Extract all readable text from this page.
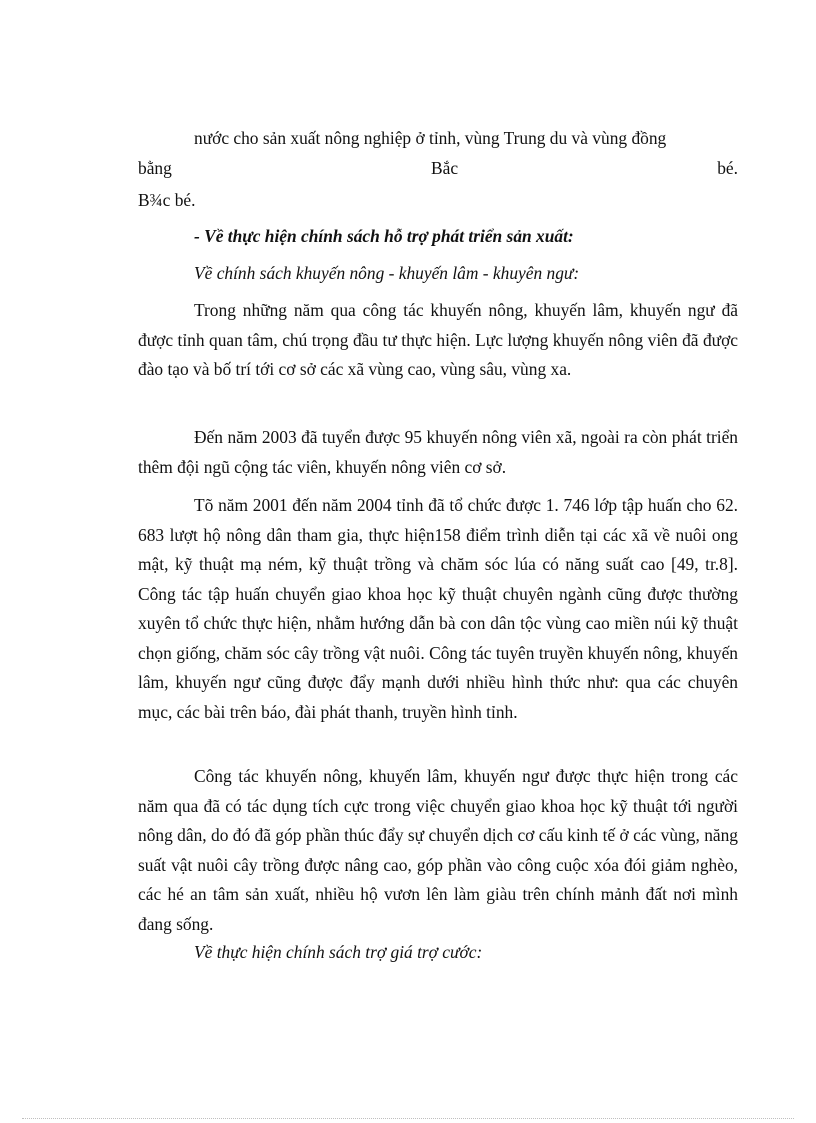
nước cho sản xuất nông nghiệp ở tỉnh, vùng Trung du và vùng đồng

bằng	Bắc	bé.

B¾c bé.

- Về thực hiện chính sách hỗ trợ phát triển sản xuất:

Về chính sách khuyến nông - khuyến lâm - khuyên ngư:

Trong những năm qua công tác khuyến nông, khuyến lâm, khuyến ngư đã được tỉnh quan tâm, chú trọng đầu tư thực hiện. Lực lượng khuyến nông viên đã được đào tạo và bố trí tới cơ sở các xã vùng cao, vùng sâu, vùng xa.

Đến năm 2003 đã tuyển được 95 khuyến nông viên xã, ngoài ra còn phát triển thêm đội ngũ cộng tác viên, khuyến nông viên cơ sở.

Tõ năm 2001 đến năm 2004 tỉnh đã tổ chức được 1. 746 lớp tập huấn cho 62. 683 lượt hộ nông dân tham gia, thực hiện158 điểm trình diễn tại các xã về nuôi ong mật, kỹ thuật mạ ném, kỹ thuật trồng và chăm sóc lúa có năng suất cao [49, tr.8]. Công tác tập huấn chuyển giao khoa học kỹ thuật chuyên ngành cũng được thường xuyên tổ chức thực hiện, nhằm hướng dẫn bà con dân tộc vùng cao miền núi kỹ thuật chọn giống, chăm sóc cây trồng vật nuôi. Công tác tuyên truyền khuyến nông, khuyến lâm, khuyến ngư cũng được đẩy mạnh dưới nhiều hình thức như: qua các chuyên mục, các bài trên báo, đài phát thanh, truyền hình tỉnh.

Công tác khuyến nông, khuyến lâm, khuyến ngư được thực hiện trong các năm qua đã có tác dụng tích cực trong việc chuyển giao khoa học kỹ thuật tới người nông dân, do đó đã góp phần thúc đẩy sự chuyển dịch cơ cấu kinh tế ở các vùng, năng suất vật nuôi cây trồng được nâng cao, góp phần vào công cuộc xóa đói giảm nghèo, các hé an tâm sản xuất, nhiều hộ vươn lên làm giàu trên chính mảnh đất nơi mình đang sống.

Về thực hiện chính sách trợ giá trợ cước:
